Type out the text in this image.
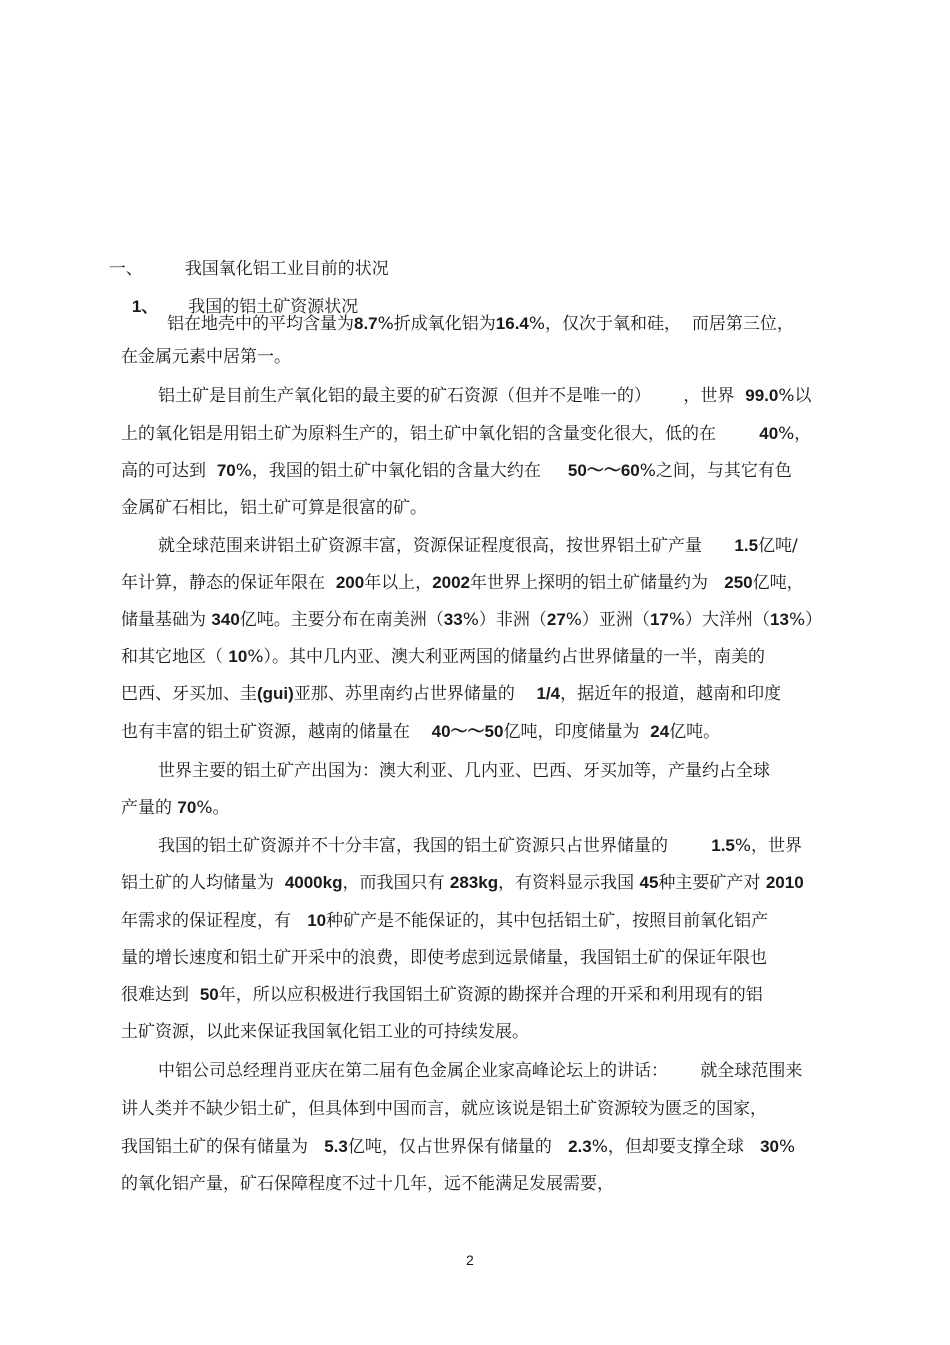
一、 我国氧化铝工业目前的状况

1、 我国的铝土矿资源状况

铝在地壳中的平均含量为8.7%折成氧化铝为16.4%，仅次于氧和硅，  而居第三位，
在金属元素中居第一。
铝土矿是目前生产氧化铝的最主要的矿石资源（但并不是唯一的）      ，世界  99.0%以
上的氧化铝是用铝土矿为原料生产的，铝土矿中氧化铝的含量变化很大，低的在        40%，
高的可达到  70%，我国的铝土矿中氧化铝的含量大约在     50～～60%之间，与其它有色
金属矿石相比，铝土矿可算是很富的矿。
就全球范围来讲铝土矿资源丰富，资源保证程度很高，按世界铝土矿产量      1.5亿吨/
年计算，静态的保证年限在  200年以上，2002年世界上探明的铝土矿储量约为   250亿吨，
储量基础为 340亿吨。主要分布在南美洲（33%）非洲（27%）亚洲（17%）大洋州（13%）
和其它地区（ 10%）。其中几内亚、澳大利亚两国的储量约占世界储量的一半，南美的
巴西、牙买加、圭(gui)亚那、苏里南约占世界储量的    1/4，据近年的报道，越南和印度
也有丰富的铝土矿资源，越南的储量在    40～～50亿吨，印度储量为  24亿吨。
世界主要的铝土矿产出国为：澳大利亚、几内亚、巴西、牙买加等，产量约占全球
产量的 70%。
我国的铝土矿资源并不十分丰富，我国的铝土矿资源只占世界储量的        1.5%，世界
铝土矿的人均储量为  4000kg，而我国只有 283kg，有资料显示我国 45种主要矿产对 2010
年需求的保证程度，有   10种矿产是不能保证的，其中包括铝土矿，按照目前氧化铝产
量的增长速度和铝土矿开采中的浪费，即使考虑到远景储量，我国铝土矿的保证年限也
很难达到  50年，所以应积极进行我国铝土矿资源的勘探并合理的开采和利用现有的铝
土矿资源，以此来保证我国氧化铝工业的可持续发展。
中铝公司总经理肖亚庆在第二届有色金属企业家高峰论坛上的讲话：      就全球范围来
讲人类并不缺少铝土矿，但具体到中国而言，就应该说是铝土矿资源较为匮乏的国家，
我国铝土矿的保有储量为   5.3亿吨，仅占世界保有储量的   2.3%，但却要支撑全球   30%
的氧化铝产量，矿石保障程度不过十几年，远不能满足发展需要，
2
